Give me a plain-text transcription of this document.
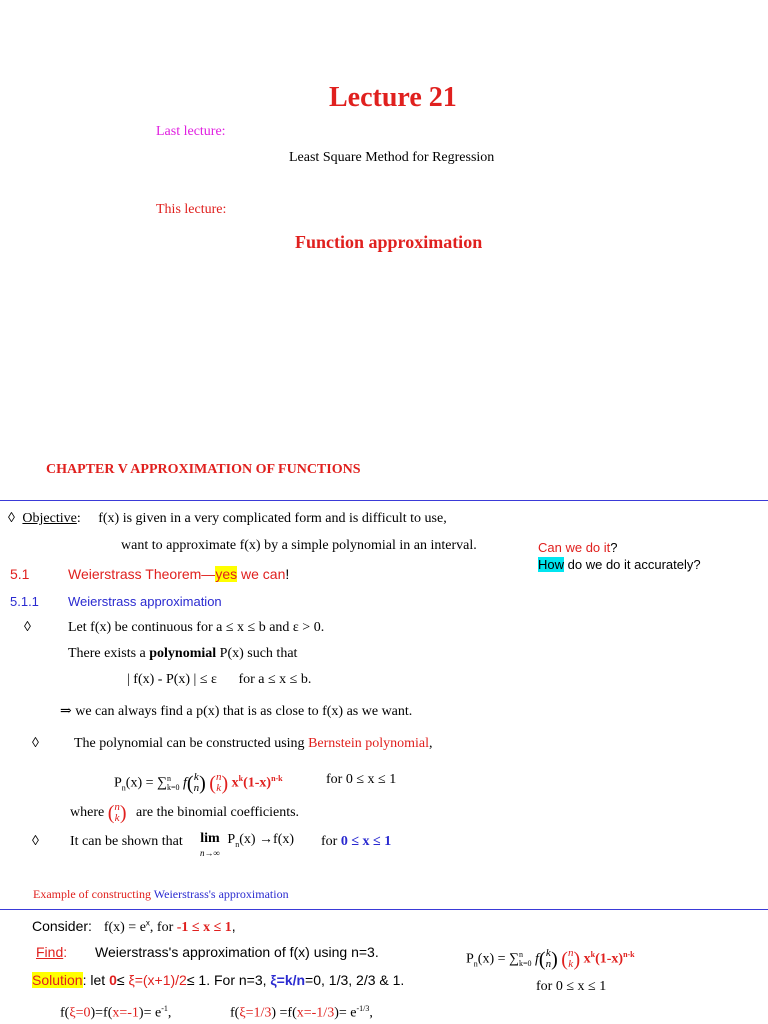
Lecture 21
Last lecture:
Least Square Method for Regression
This lecture:
Function approximation
CHAPTER V APPROXIMATION OF FUNCTIONS
◊ Objective: f(x) is given in a very complicated form and is difficult to use,
want to approximate f(x) by a simple polynomial in an interval.	Can we do it?
How do we do it accurately?
5.1	Weierstrass Theorem—yes we can!
5.1.1 Weierstrass approximation
◊	Let f(x) be continuous for a ≤ x ≤ b and ε > 0.
There exists a polynomial P(x) such that
| f(x) - P(x) | ≤ ε for a ≤ x ≤ b.
⇒ we can always find a p(x) that is as close to f(x) as we want.
◊	The polynomial can be constructed using Bernstein polynomial,
$P_n(x) = \sum n$
k=0 f(k
n) (n
k) $x^k(1-x)^{n-k}$	for 0 ≤ x ≤ 1
where (n
k) are the binomial coefficients.
◊ It can be shown that lim
n→∞ $P_n(x) \to f(x)$ for 0 ≤ x ≤ 1
Example of constructing Weierstrass's approximation
Consider: $f(x) = e^x$, for -1 ≤ x ≤ 1,
Find: Weierstrass's approximation of f(x) using n=3.	$P_n(x) = \sum n$
k=0 f(k
n) (n
k) $x^k(1-x)^{n-k}$
Solution: let 0≤ ξ=(x+1)/2≤ 1. For n=3, ξ=k/n=0, 1/3, 2/3 & 1.	for 0 ≤ x ≤ 1
$f(\xi=0)=f(x=-1)= e^{-1}$,	$f(\xi=1/3) =f(x=-1/3)= e^{-1/3}$,
